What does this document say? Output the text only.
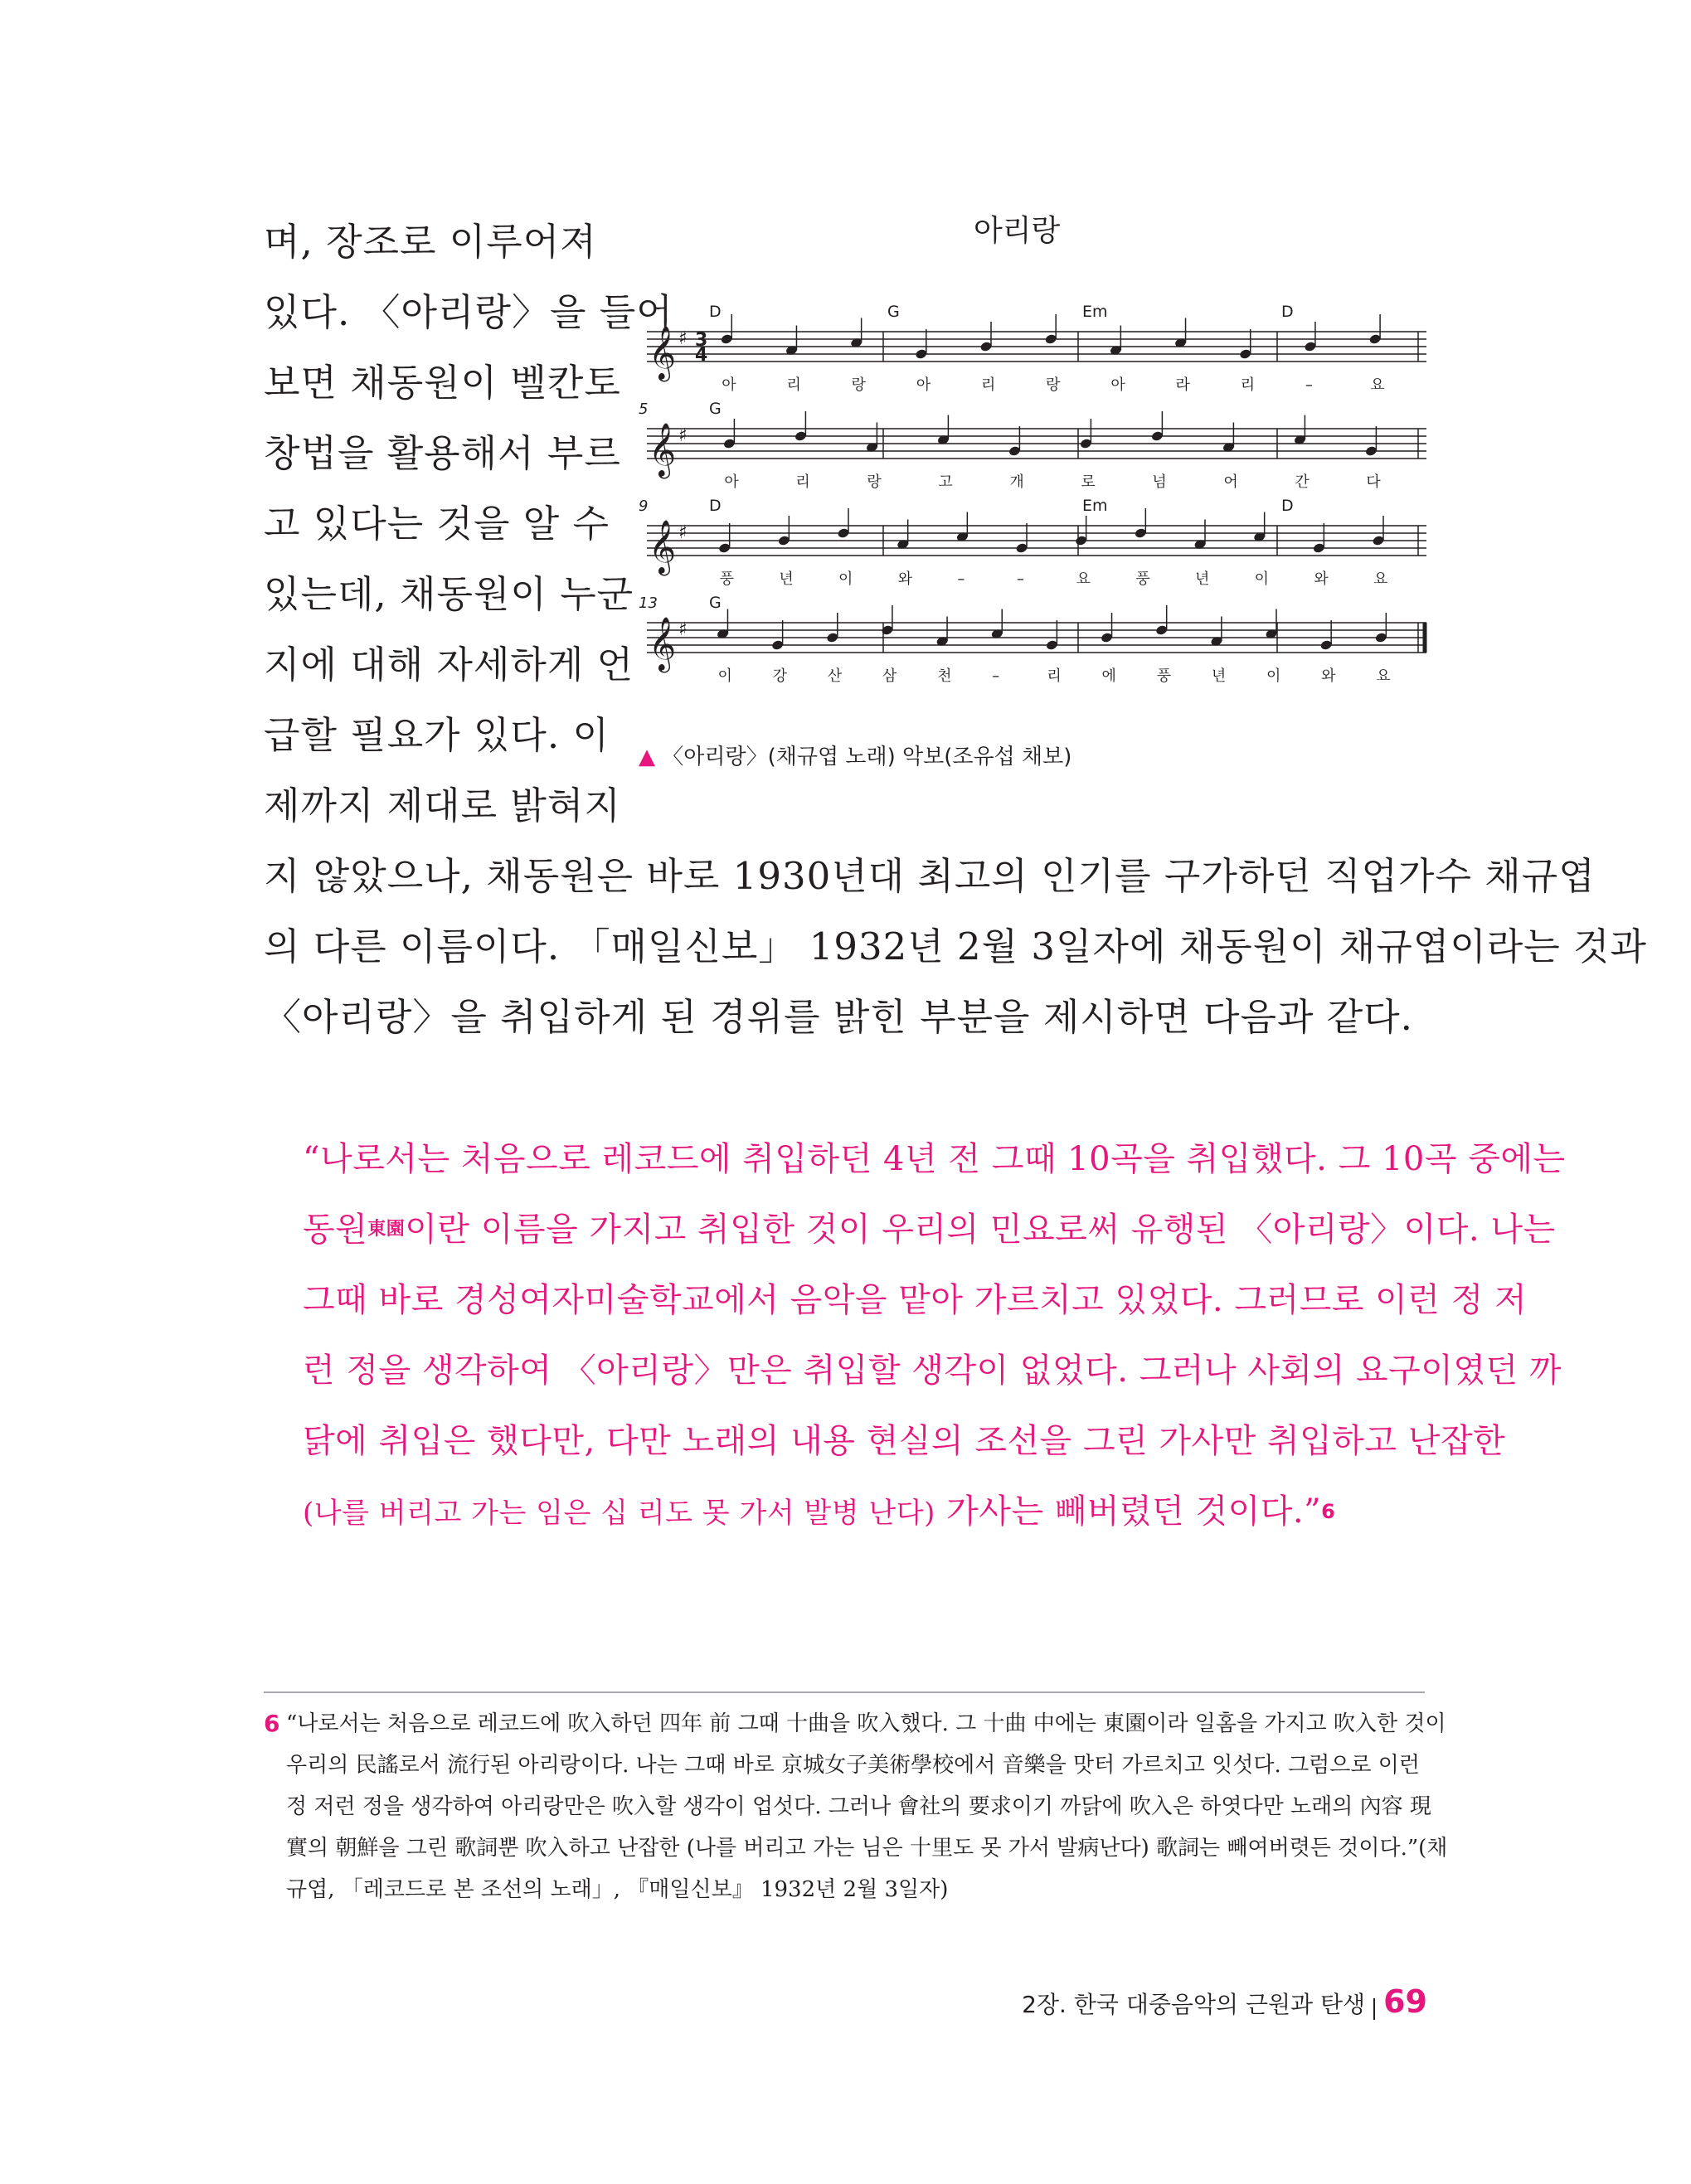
며, 장조로 이루어져
있다. 〈아리랑〉을 들어
보면 채동원이 벨칸토
창법을 활용해서 부르
고 있다는 것을 알 수
있는데, 채동원이 누군
지에 대해 자세하게 언
급할 필요가 있다. 이
제까지 제대로 밝혀지
지 않았으나, 채동원은 바로 1930년대 최고의 인기를 구가하던 직업가수 채규엽
의 다른 이름이다. 「매일신보」 1932년 2월 3일자에 채동원이 채규엽이라는 것과
〈아리랑〉을 취입하게 된 경위를 밝힌 부분을 제시하면 다음과 같다.
아리랑
𝄞 ♯ 3
4
D	G	Em	D
아	리	랑	아	리	랑	아	라	리	–	요
𝄞 ♯
5	G
아	리	랑	고	개	로	넘	어	간	다
𝄞 ♯
9	D	Em	D
풍	년	이	와	–	–	요	풍	년	이	와	요
𝄞 ♯
13	G
이	강	산	삼	천	–	리	에	풍	년	이	와	요
▲ 〈아리랑〉(채규엽 노래) 악보(조유섭 채보)
“나로서는 처음으로 레코드에 취입하던 4년 전 그때 10곡을 취입했다. 그 10곡 중에는
동원$^{東園}$이란 이름을 가지고 취입한 것이 우리의 민요로써 유행된 〈아리랑〉이다. 나는
그때 바로 경성여자미술학교에서 음악을 맡아 가르치고 있었다. 그러므로 이런 정 저
런 정을 생각하여 〈아리랑〉만은 취입할 생각이 없었다. 그러나 사회의 요구이였던 까
닭에 취입은 했다만, 다만 노래의 내용 현실의 조선을 그린 가사만 취입하고 난잡한
(나를 버리고 가는 임은 십 리도 못 가서 발병 난다) 가사는 빼버렸던 것이다.”$^6$
6 “나로서는 처음으로 레코드에 吹入하던 四年 前 그때 十曲을 吹入했다. 그 十曲 中에는 東園이라 일홈을 가지고 吹入한 것이
우리의 民謠로서 流行된 아리랑이다. 나는 그때 바로 京城女子美術學校에서 音樂을 맛터 가르치고 잇섯다. 그럼으로 이런
정 저런 정을 생각하여 아리랑만은 吹入할 생각이 업섯다. 그러나 會社의 要求이기 까닭에 吹入은 하엿다만 노래의 內容 現
實의 朝鮮을 그린 歌詞뿐 吹入하고 난잡한 (나를 버리고 가는 님은 十里도 못 가서 발病난다) 歌詞는 빼여버렷든 것이다.”(채
규엽, 「레코드로 본 조선의 노래」, 『매일신보』 1932년 2월 3일자)
2장. 한국 대중음악의 근원과 탄생 69
